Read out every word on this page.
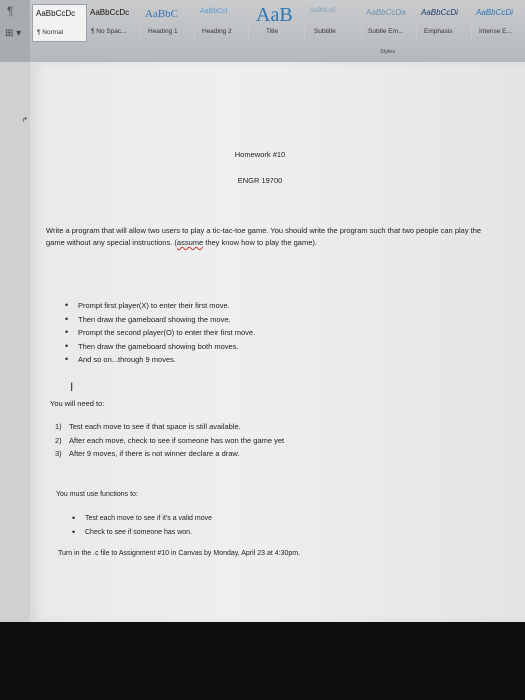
¶
⊞ ▾
AaBbCcDc
¶ Normal
AaBbCcDc
¶ No Spac...
AaBbC
Heading 1
AaBbCcI
Heading 2
AaB
Title
AaBbCcE
Subtitle
AaBbCcDa
Subtle Em...
AaBbCcDi
Emphasis
AaBbCcDi
Intense E...
Styles
↱
Homework #10
ENGR 19700
Write a program that will allow two users to play a tic-tac-toe game. You should write the program such that two people can play the game without any special instructions. (assume they know how to play the game).
• Prompt first player(X) to enter their first move.
• Then draw the gameboard showing the move.
• Prompt the second player(O) to enter their first move.
• Then draw the gameboard showing both moves.
• And so on...through 9 moves.
I
You will need to:
1) Test each move to see if that space is still available.
2) After each move, check to see if someone has won the game yet
3) After 9 moves, if there is not winner declare a draw.
You must use functions to:
• Test each move to see if it's a valid move
• Check to see if someone has won.
Turn in the .c file to Assignment #10 in Canvas by Monday, April 23 at 4:30pm.
